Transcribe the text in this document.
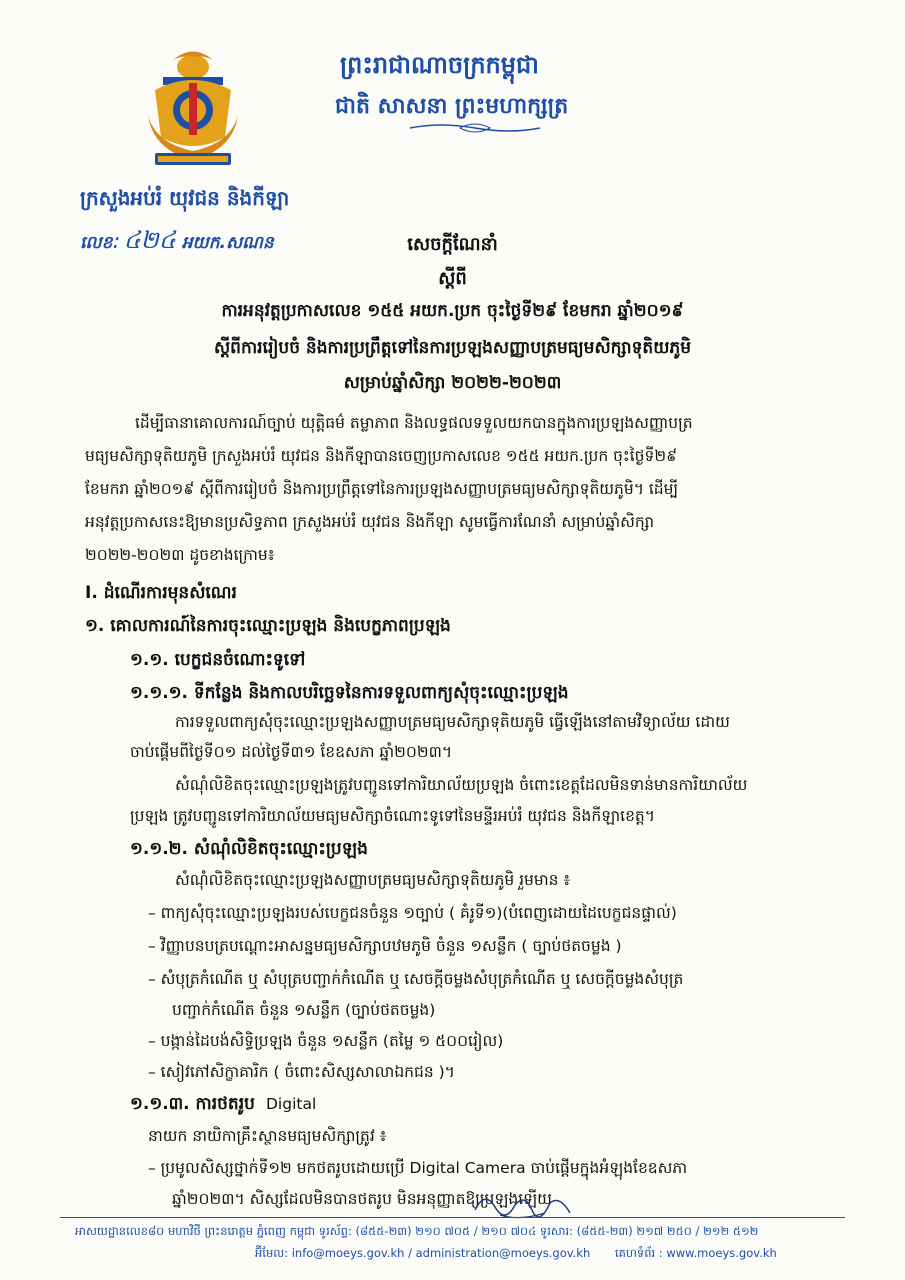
ព្រះរាជាណាចក្រកម្ពុជា
ជាតិ សាសនា ព្រះមហាក្សត្រ
ក្រសួងអប់រំ យុវជន និងកីឡា
លេខៈ ៤២៤ អយក.សណន	សេចក្តីណែនាំ
ស្តីពី
ការអនុវត្តប្រកាសលេខ ១៥៥ អយក.ប្រក ចុះថ្ងៃទី២៩ ខែមករា ឆ្នាំ២០១៩
ស្តីពីការរៀបចំ និងការប្រព្រឹត្តទៅនៃការប្រឡងសញ្ញាបត្រមធ្យមសិក្សាទុតិយភូមិ
សម្រាប់ឆ្នាំសិក្សា ២០២២-២០២៣
ដើម្បីធានាគោលការណ៍ច្បាប់ យុត្តិធម៌ តម្លាភាព និងលទ្ធផលទទួលយកបានក្នុងការប្រឡងសញ្ញាបត្រ
មធ្យមសិក្សាទុតិយភូមិ ក្រសួងអប់រំ យុវជន និងកីឡាបានចេញប្រកាសលេខ ១៥៥ អយក.ប្រក ចុះថ្ងៃទី២៩
ខែមករា ឆ្នាំ២០១៩ ស្តីពីការរៀបចំ និងការប្រព្រឹត្តទៅនៃការប្រឡងសញ្ញាបត្រមធ្យមសិក្សាទុតិយភូមិ។ ដើម្បី
អនុវត្តប្រកាសនេះឱ្យមានប្រសិទ្ធភាព ក្រសួងអប់រំ យុវជន និងកីឡា សូមធ្វើការណែនាំ សម្រាប់ឆ្នាំសិក្សា
២០២២-២០២៣ ដូចខាងក្រោម៖
I. ដំណើរការមុនសំណេរ
១. គោលការណ៍នៃការចុះឈ្មោះប្រឡង និងបេក្ខភាពប្រឡង
១.១. បេក្ខជនចំណោះទូទៅ
១.១.១. ទីកន្លែង និងកាលបរិច្ឆេទនៃការទទួលពាក្យសុំចុះឈ្មោះប្រឡង
ការទទួលពាក្យសុំចុះឈ្មោះប្រឡងសញ្ញាបត្រមធ្យមសិក្សាទុតិយភូមិ ធ្វើឡើងនៅតាមវិទ្យាល័យ ដោយ
ចាប់ផ្តើមពីថ្ងៃទី០១ ដល់ថ្ងៃទី៣១ ខែឧសភា ឆ្នាំ២០២៣។
សំណុំលិខិតចុះឈ្មោះប្រឡងត្រូវបញ្ជូនទៅការិយាល័យប្រឡង ចំពោះខេត្តដែលមិនទាន់មានការិយាល័យ
ប្រឡង ត្រូវបញ្ជូនទៅការិយាល័យមធ្យមសិក្សាចំណោះទូទៅនៃមន្ទីរអប់រំ យុវជន និងកីឡាខេត្ត។
១.១.២. សំណុំលិខិតចុះឈ្មោះប្រឡង
សំណុំលិខិតចុះឈ្មោះប្រឡងសញ្ញាបត្រមធ្យមសិក្សាទុតិយភូមិ រួមមាន ៖
– ពាក្យសុំចុះឈ្មោះប្រឡងរបស់បេក្ខជនចំនួន ១ច្បាប់ ( គំរូទី១)(បំពេញដោយដៃបេក្ខជនផ្ទាល់)
– វិញ្ញាបនបត្របណ្តោះអាសន្នមធ្យមសិក្សាបឋមភូមិ ចំនួន ១សន្លឹក ( ច្បាប់ថតចម្លង )
– សំបុត្រកំណើត ឬ សំបុត្របញ្ជាក់កំណើត ឬ សេចក្តីចម្លងសំបុត្រកំណើត ឬ សេចក្តីចម្លងសំបុត្រ
បញ្ជាក់កំណើត ចំនួន ១សន្លឹក (ច្បាប់ថតចម្លង)
– បង្កាន់ដៃបង់សិទ្ធិប្រឡង ចំនួន ១សន្លឹក (តម្លៃ ១ ៥០០រៀល)
– សៀវភៅសិក្ខាគារិក ( ចំពោះសិស្សសាលាឯកជន )។
១.១.៣. ការថតរូប Digital
នាយក នាយិកាគ្រឹះស្ថានមធ្យមសិក្សាត្រូវ ៖
– ប្រមូលសិស្សថ្នាក់ទី១២ មកថតរូបដោយប្រើ Digital Camera ចាប់ផ្តើមក្នុងអំឡុងខែឧសភា
ឆ្នាំ២០២៣។ សិស្សដែលមិនបានថតរូប មិនអនុញ្ញាតឱ្យប្រឡងឡើយ
អាសយដ្ឋានលេខ៨០ មហាវិថី ព្រះនរោត្តម ភ្នំពេញ កម្ពុជា ទូរស័ព្ទ: (៨៥៥-២៣) ២១០ ៧០៥ / ២១០ ៧០៤ ទូរសារ: (៨៥៥-២៣) ២១៧ ២៥០ / ២១២ ៥១២
អ៊ីមែល: info@moeys.gov.kh / administration@moeys.gov.kh គេហទំព័រ : www.moeys.gov.kh
